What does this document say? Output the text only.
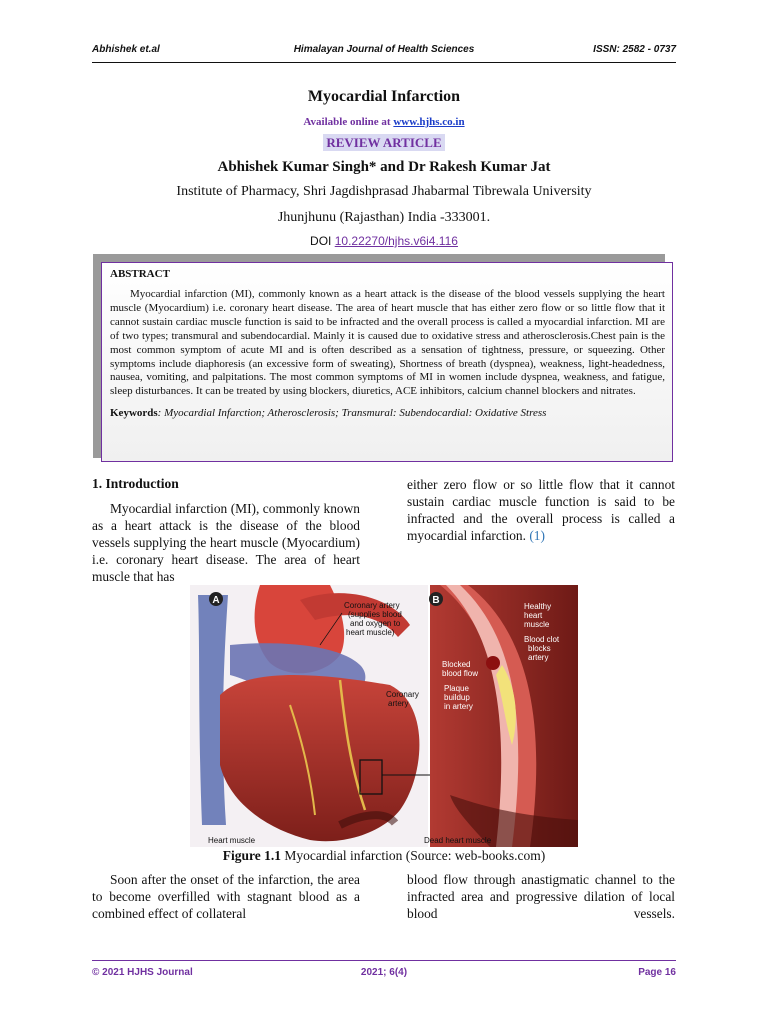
Abhishek et.al	Himalayan Journal of Health Sciences	ISSN: 2582 - 0737
Myocardial Infarction
Available online at www.hjhs.co.in
REVIEW ARTICLE
Abhishek Kumar Singh* and Dr Rakesh Kumar Jat
Institute of Pharmacy, Shri Jagdishprasad Jhabarmal Tibrewala University
Jhunjhunu (Rajasthan) India -333001.
DOI 10.22270/hjhs.v6i4.116
ABSTRACT

Myocardial infarction (MI), commonly known as a heart attack is the disease of the blood vessels supplying the heart muscle (Myocardium) i.e. coronary heart disease. The area of heart muscle that has either zero flow or so little flow that it cannot sustain cardiac muscle function is said to be infracted and the overall process is called a myocardial infarction. MI are of two types; transmural and subendocardial. Mainly it is caused due to oxidative stress and atherosclerosis.Chest pain is the most common symptom of acute MI and is often described as a sensation of tightness, pressure, or squeezing. Other symptoms include diaphoresis (an excessive form of sweating), Shortness of breath (dyspnea), weakness, light-headedness, nausea, vomiting, and palpitations. The most common symptoms of MI in women include dyspnea, weakness, and fatigue, sleep disturbances. It can be treated by using blockers, diuretics, ACE inhibitors, calcium channel blockers and nitrates.

Keywords: Myocardial Infarction; Atherosclerosis; Transmural: Subendocardial: Oxidative Stress
1. Introduction

Myocardial infarction (MI), commonly known as a heart attack is the disease of the blood vessels supplying the heart muscle (Myocardium) i.e. coronary heart disease. The area of heart muscle that has

either zero flow or so little flow that it cannot sustain cardiac muscle function is said to be infracted and the overall process is called a myocardial infarction. (1)

A	Coronary artery
(supplies blood
and oxygen to
heart muscle)
Coronary
artery
Heart muscle
B
Healthy
heart
muscle
Blood clot
blocks
artery
Blocked
blood flow
Plaque
buildup
in artery
Dead heart muscle
Figure 1.1 Myocardial infarction (Source: web-books.com)

Soon after the onset of the infarction, the area to become overfilled with stagnant blood as a combined effect of collateral

blood flow through anastigmatic channel to the infracted area and progressive dilation of local blood vessels.

© 2021 HJHS Journal	2021; 6(4)	Page 16
